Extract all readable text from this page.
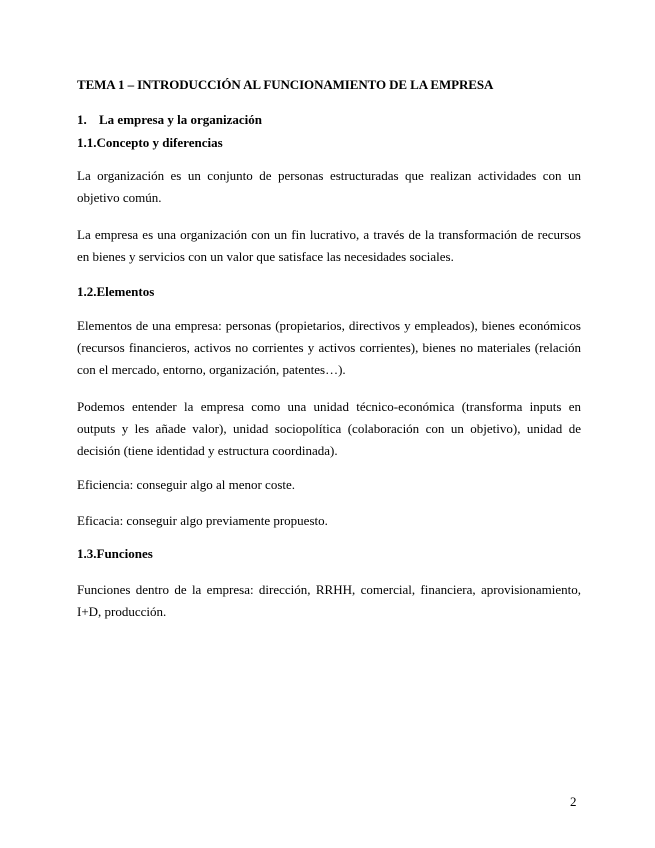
TEMA 1 – INTRODUCCIÓN AL FUNCIONAMIENTO DE LA EMPRESA
1. La empresa y la organización
1.1.Concepto y diferencias

La organización es un conjunto de personas estructuradas que realizan actividades con un objetivo común.

La empresa es una organización con un fin lucrativo, a través de la transformación de recursos en bienes y servicios con un valor que satisface las necesidades sociales.

1.2.Elementos

Elementos de una empresa: personas (propietarios, directivos y empleados), bienes económicos (recursos financieros, activos no corrientes y activos corrientes), bienes no materiales (relación con el mercado, entorno, organización, patentes…).

Podemos entender la empresa como una unidad técnico-económica (transforma inputs en outputs y les añade valor), unidad sociopolítica (colaboración con un objetivo), unidad de decisión (tiene identidad y estructura coordinada).

Eficiencia: conseguir algo al menor coste.

Eficacia: conseguir algo previamente propuesto.

1.3.Funciones

Funciones dentro de la empresa: dirección, RRHH, comercial, financiera, aprovisionamiento, I+D, producción.

2
